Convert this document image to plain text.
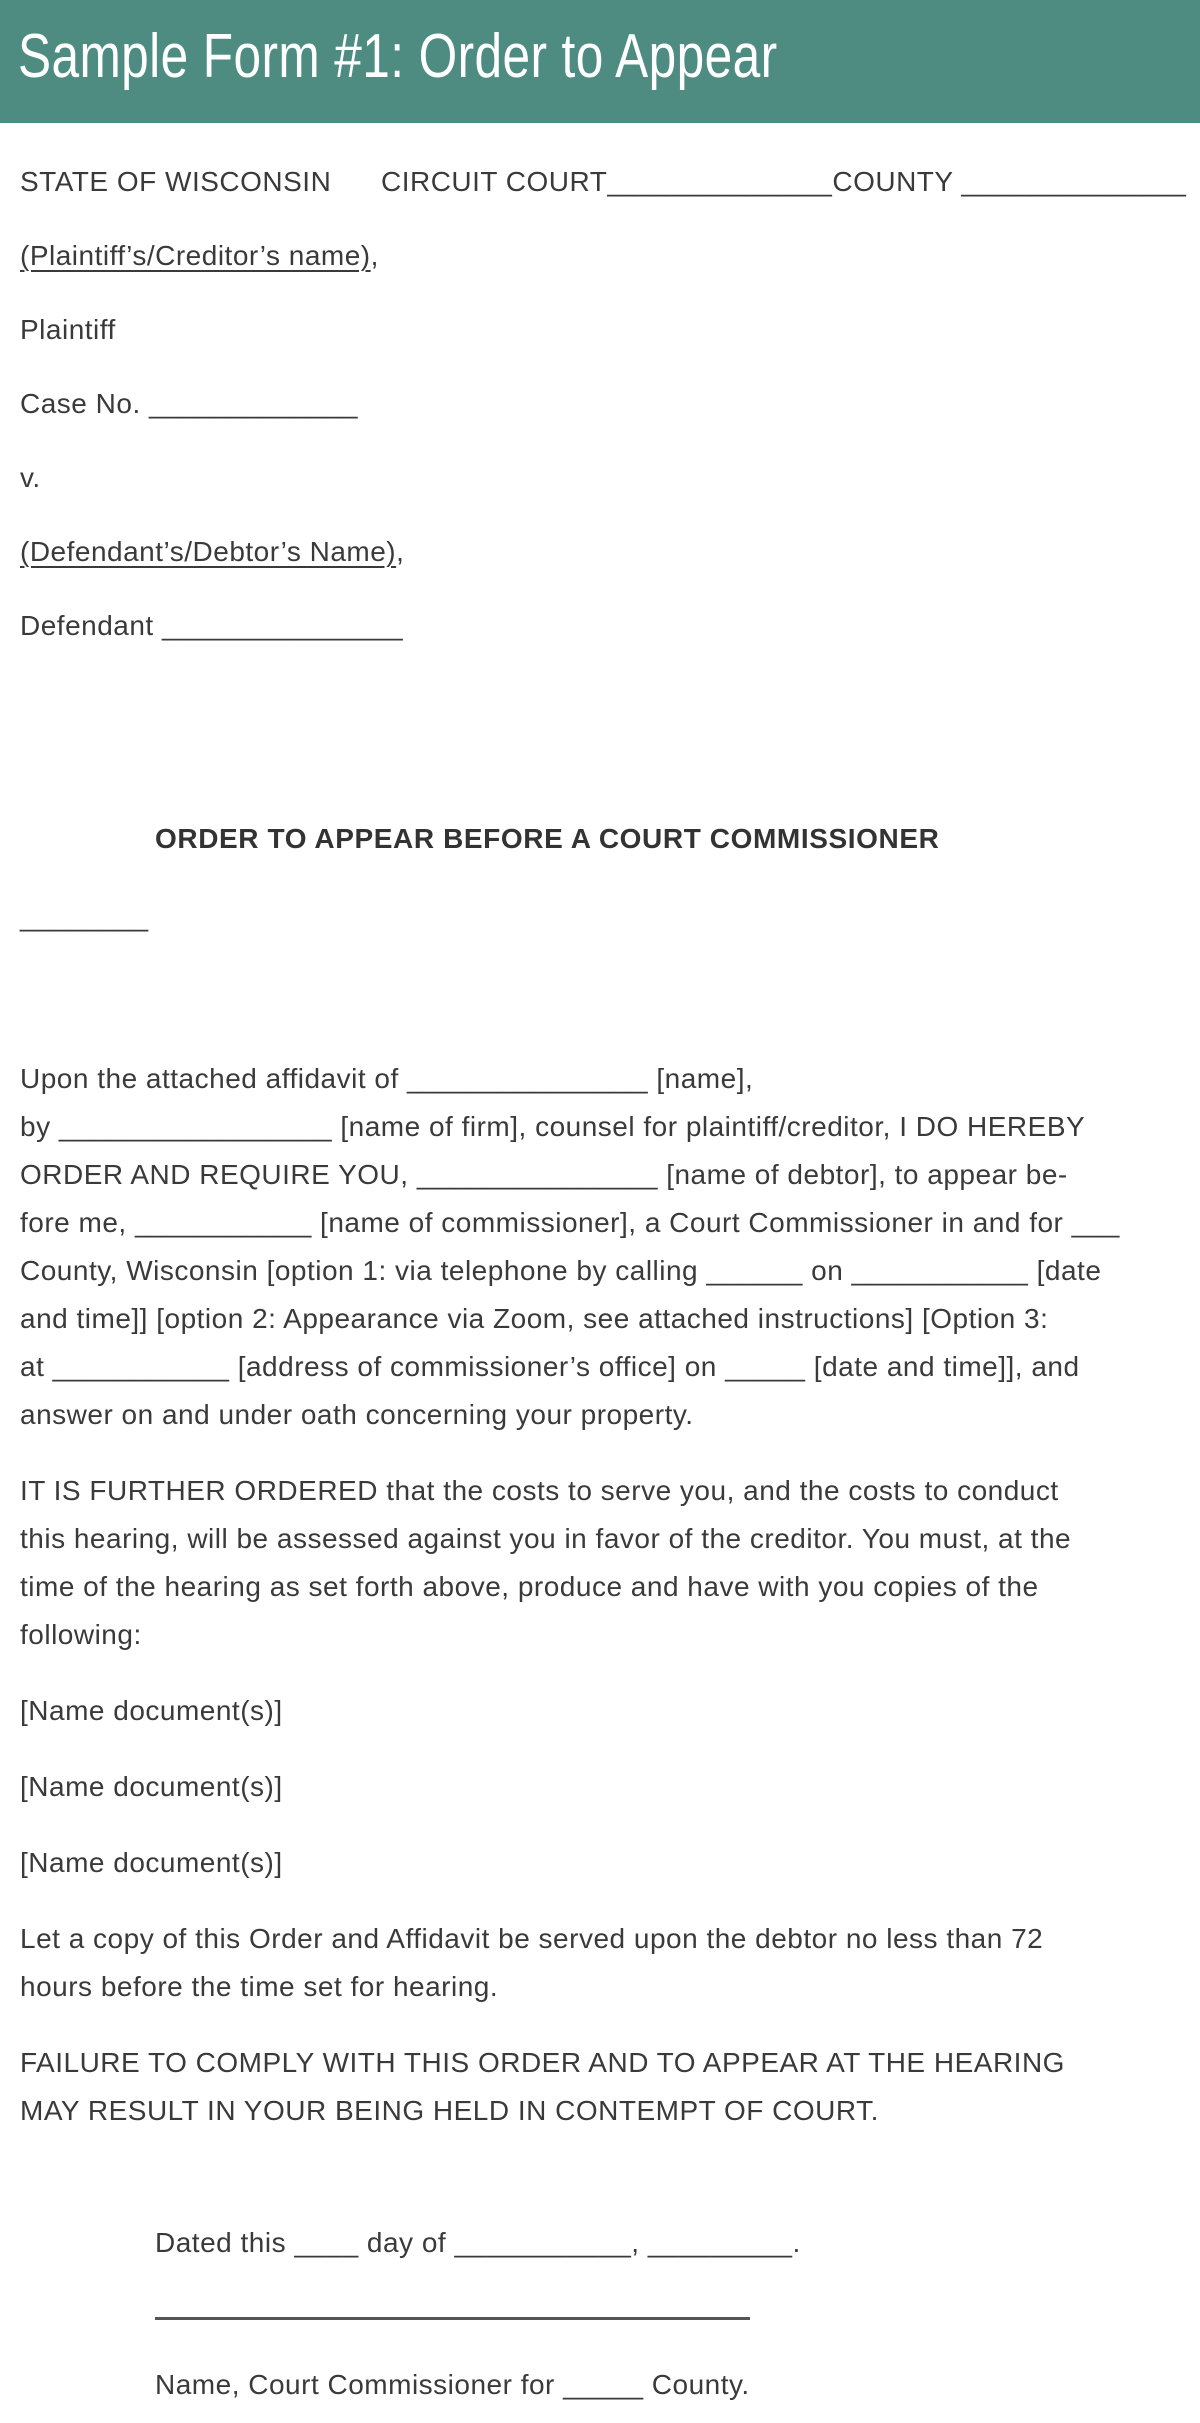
Sample Form #1: Order to Appear
STATE OF WISCONSIN      CIRCUIT COURT______________COUNTY ______________
(Plaintiff’s/Creditor’s name),
Plaintiff
Case No. _____________
v.
(Defendant’s/Debtor’s Name),
Defendant _______________
ORDER TO APPEAR BEFORE A COURT COMMISSIONER
________
Upon the attached affidavit of _______________ [name],
by _________________ [name of firm], counsel for plaintiff/creditor, I DO HEREBY
ORDER AND REQUIRE YOU, _______________ [name of debtor], to appear be-
fore me, ___________ [name of commissioner], a Court Commissioner in and for ___
County, Wisconsin [option 1: via telephone by calling ______ on ___________ [date
and time]] [option 2: Appearance via Zoom, see attached instructions] [Option 3:
at ___________ [address of commissioner’s office] on _____ [date and time]], and
answer on and under oath concerning your property.
IT IS FURTHER ORDERED that the costs to serve you, and the costs to conduct
this hearing, will be assessed against you in favor of the creditor. You must, at the
time of the hearing as set forth above, produce and have with you copies of the
following:
[Name document(s)]
[Name document(s)]
[Name document(s)]
Let a copy of this Order and Affidavit be served upon the debtor no less than 72
hours before the time set for hearing.
FAILURE TO COMPLY WITH THIS ORDER AND TO APPEAR AT THE HEARING
MAY RESULT IN YOUR BEING HELD IN CONTEMPT OF COURT.
Dated this ____ day of ___________, _________.
Name, Court Commissioner for _____ County.
